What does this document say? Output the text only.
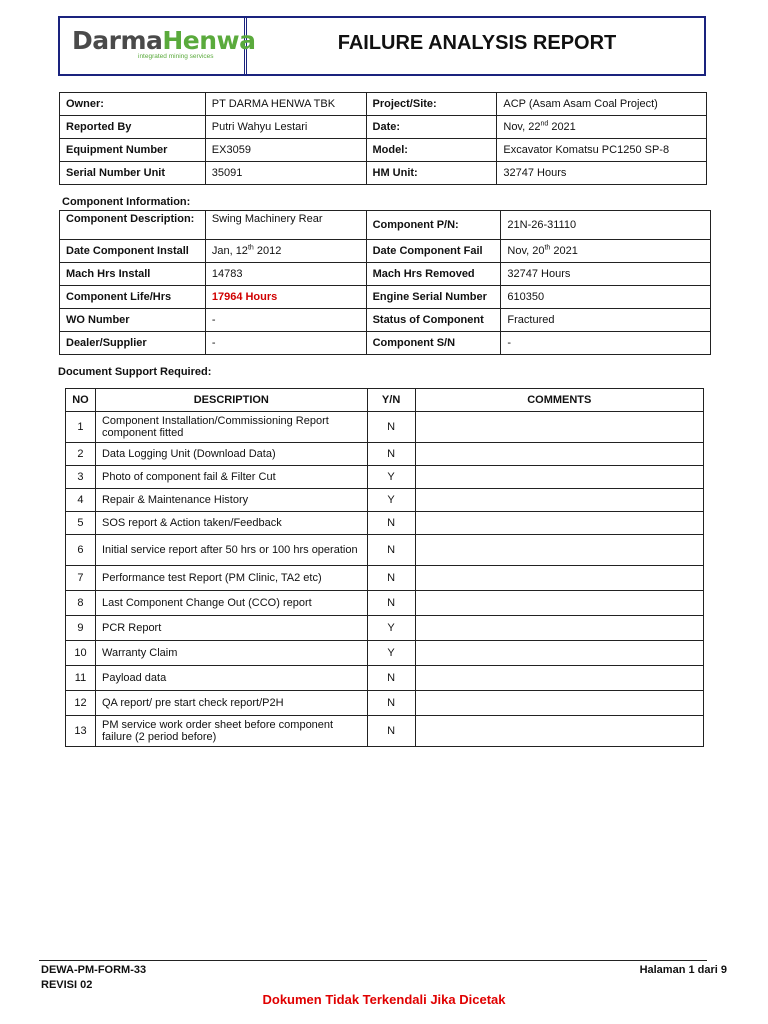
DarmaHenwa
integrated mining services
FAILURE ANALYSIS REPORT
Owner:	PT DARMA HENWA TBK	Project/Site:	ACP (Asam Asam Coal Project)
Reported By	Putri Wahyu Lestari	Date:	Nov, 22nd 2021
Equipment Number	EX3059	Model:	Excavator Komatsu PC1250 SP-8
Serial Number Unit	35091	HM Unit:	32747 Hours
Component Information:
Component Description:	Swing Machinery Rear	Component P/N:	21N-26-31110
Date Component Install	Jan, 12th 2012	Date Component Fail	Nov, 20th 2021
Mach Hrs Install	14783	Mach Hrs Removed	32747 Hours
Component Life/Hrs	17964 Hours	Engine Serial Number	610350
WO Number	-	Status of Component	Fractured
Dealer/Supplier	-	Component S/N	-
Document Support Required:
NO	DESCRIPTION	Y/N	COMMENTS
1	Component Installation/Commissioning Report component fitted	N	
2	Data Logging Unit (Download Data)	N	
3	Photo of component fail & Filter Cut	Y	
4	Repair & Maintenance History	Y	
5	SOS report & Action taken/Feedback	N	
6	Initial service report after 50 hrs or 100 hrs operation	N	
7	Performance test Report (PM Clinic, TA2 etc)	N	
8	Last Component Change Out (CCO) report	N	
9	PCR Report	Y	
10	Warranty Claim	Y	
11	Payload data	N	
12	QA report/ pre start check report/P2H	N	
13	PM service work order sheet before component failure (2 period before)	N	
DEWA-PM-FORM-33
REVISI 02
Halaman 1 dari 9
Dokumen Tidak Terkendali Jika Dicetak
